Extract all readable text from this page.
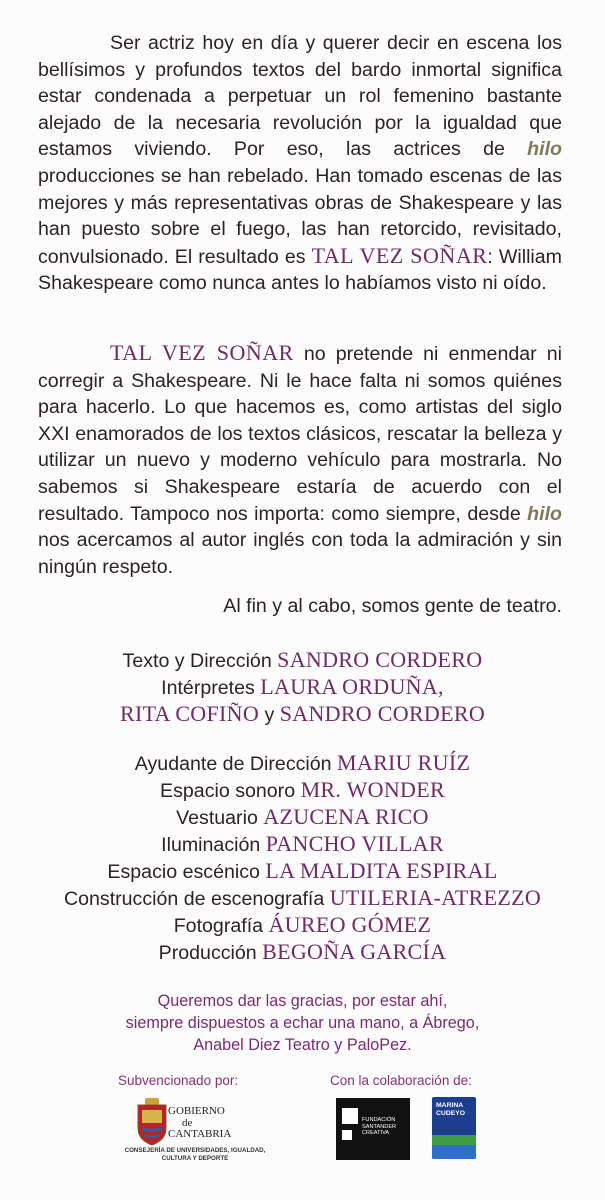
Ser actriz hoy en día y querer decir en escena los bellísimos y profundos textos del bardo inmortal significa estar condenada a perpetuar un rol femenino bastante alejado de la necesaria revolución por la igualdad que estamos viviendo. Por eso, las actrices de hilo producciones se han rebelado. Han tomado escenas de las mejores y más representativas obras de Shakespeare y las han puesto sobre el fuego, las han retorcido, revisitado, convulsionado. El resultado es TAL VEZ SOÑAR: William Shakespeare como nunca antes lo habíamos visto ni oído.

TAL VEZ SOÑAR no pretende ni enmendar ni corregir a Shakespeare. Ni le hace falta ni somos quiénes para hacerlo. Lo que hacemos es, como artistas del siglo XXI enamorados de los textos clásicos, rescatar la belleza y utilizar un nuevo y moderno vehículo para mostrarla. No sabemos si Shakespeare estaría de acuerdo con el resultado. Tampoco nos importa: como siempre, desde hilo nos acercamos al autor inglés con toda la admiración y sin ningún respeto.

Al fin y al cabo, somos gente de teatro.

Texto y Dirección SANDRO CORDERO
Intérpretes LAURA ORDUÑA,
RITA COFIÑO y SANDRO CORDERO
Ayudante de Dirección MARIU RUÍZ
Espacio sonoro MR. WONDER
Vestuario AZUCENA RICO
Iluminación PANCHO VILLAR
Espacio escénico LA MALDITA ESPIRAL
Construcción de escenografía UTILERIA-ATREZZO
Fotografía ÁUREO GÓMEZ
Producción BEGOÑA GARCÍA
Queremos dar las gracias, por estar ahí,
siempre dispuestos a echar una mano, a Ábrego,
Anabel Diez Teatro y PaloPez.
Subvencionado por:	Con la colaboración de:
GOBIERNO
de
CANTABRIA
CONSEJERÍA DE UNIVERSIDADES, IGUALDAD,
CULTURA Y DEPORTE
FUNDACIÓN
SANTANDER
CREATIVA
MARINA
CUDEYO
